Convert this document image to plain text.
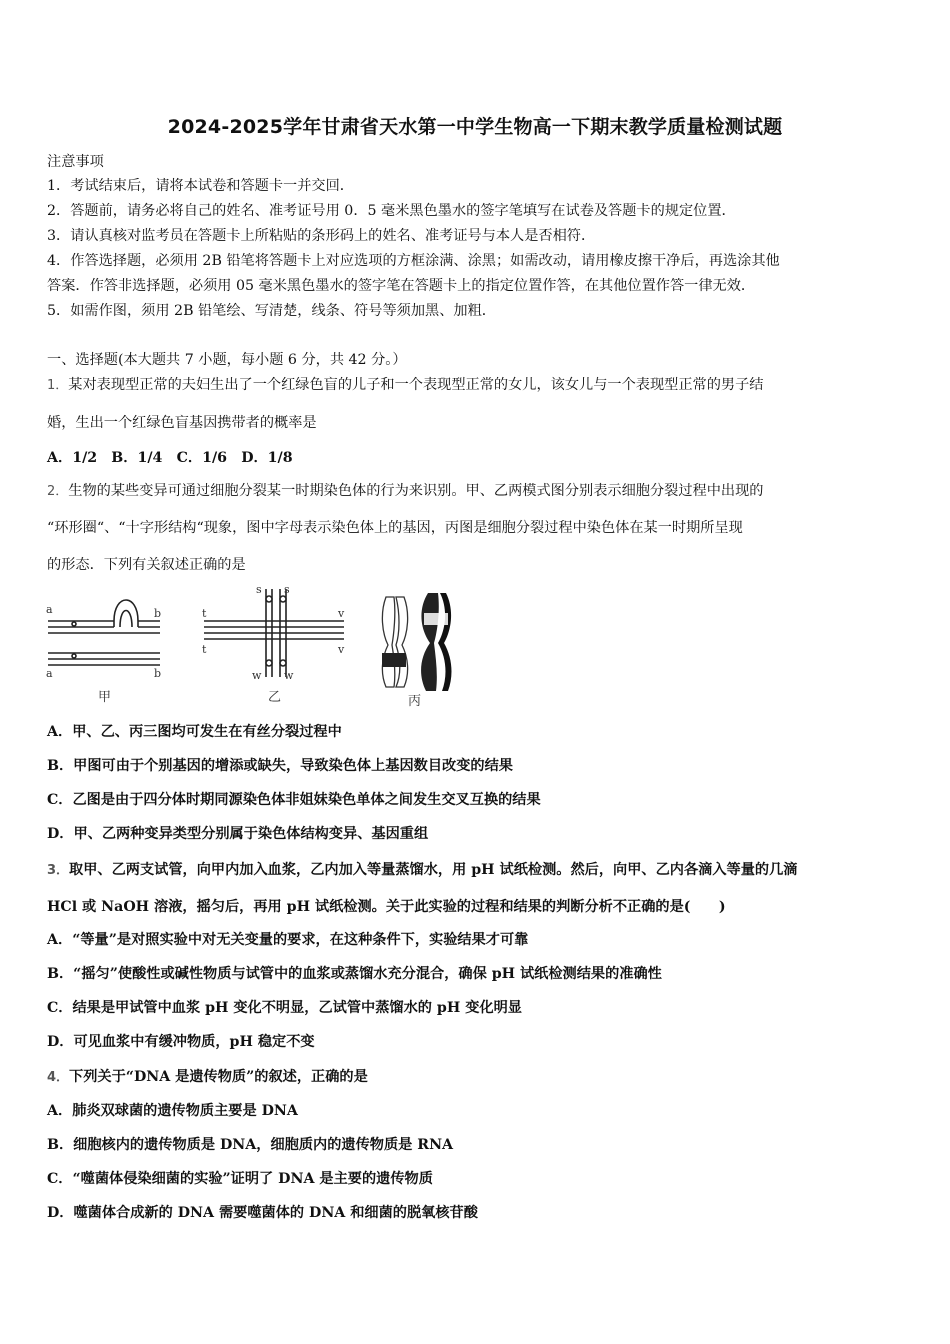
2024-2025学年甘肃省天水第一中学生物高一下期末教学质量检测试题
注意事项
1．考试结束后，请将本试卷和答题卡一并交回．
2．答题前，请务必将自己的姓名、准考证号用 0．5 毫米黑色墨水的签字笔填写在试卷及答题卡的规定位置．
3．请认真核对监考员在答题卡上所粘贴的条形码上的姓名、准考证号与本人是否相符．
4．作答选择题，必须用 2B 铅笔将答题卡上对应选项的方框涂满、涂黑；如需改动，请用橡皮擦干净后，再选涂其他
答案．作答非选择题，必须用 05 毫米黑色墨水的签字笔在答题卡上的指定位置作答，在其他位置作答一律无效．
5．如需作图，须用 2B 铅笔绘、写清楚，线条、符号等须加黑、加粗．
一、选择题(本大题共 7 小题，每小题 6 分，共 42 分。）
1．某对表现型正常的夫妇生出了一个红绿色盲的儿子和一个表现型正常的女儿，该女儿与一个表现型正常的男子结
婚，生出一个红绿色盲基因携带者的概率是
A．1/2　B．1/4　C．1/6　D．1/8
2．生物的某些变异可通过细胞分裂某一时期染色体的行为来识别。甲、乙两模式图分别表示细胞分裂过程中出现的
“环形圈“、“十字形结构“现象，图中字母表示染色体上的基因，丙图是细胞分裂过程中染色体在某一时期所呈现
的形态．下列有关叙述正确的是
a	b
a	b
甲
s s
t
t
v
v
w w
乙	丙
A．甲、乙、丙三图均可发生在有丝分裂过程中
B．甲图可由于个别基因的增添或缺失，导致染色体上基因数目改变的结果
C．乙图是由于四分体时期同源染色体非姐妹染色单体之间发生交叉互换的结果
D．甲、乙两种变异类型分别属于染色体结构变异、基因重组
3．取甲、乙两支试管，向甲内加入血浆，乙内加入等量蒸馏水，用 pH 试纸检测。然后，向甲、乙内各滴入等量的几滴
HCl 或 NaOH 溶液，摇匀后，再用 pH 试纸检测。关于此实验的过程和结果的判断分析不正确的是(　　)
A．“等量”是对照实验中对无关变量的要求，在这种条件下，实验结果才可靠
B．“摇匀”使酸性或碱性物质与试管中的血浆或蒸馏水充分混合，确保 pH 试纸检测结果的准确性
C．结果是甲试管中血浆 pH 变化不明显，乙试管中蒸馏水的 pH 变化明显
D．可见血浆中有缓冲物质，pH 稳定不变
4．下列关于“DNA 是遗传物质”的叙述，正确的是
A．肺炎双球菌的遗传物质主要是 DNA
B．细胞核内的遗传物质是 DNA，细胞质内的遗传物质是 RNA
C．“噬菌体侵染细菌的实验”证明了 DNA 是主要的遗传物质
D．噬菌体合成新的 DNA 需要噬菌体的 DNA 和细菌的脱氧核苷酸
